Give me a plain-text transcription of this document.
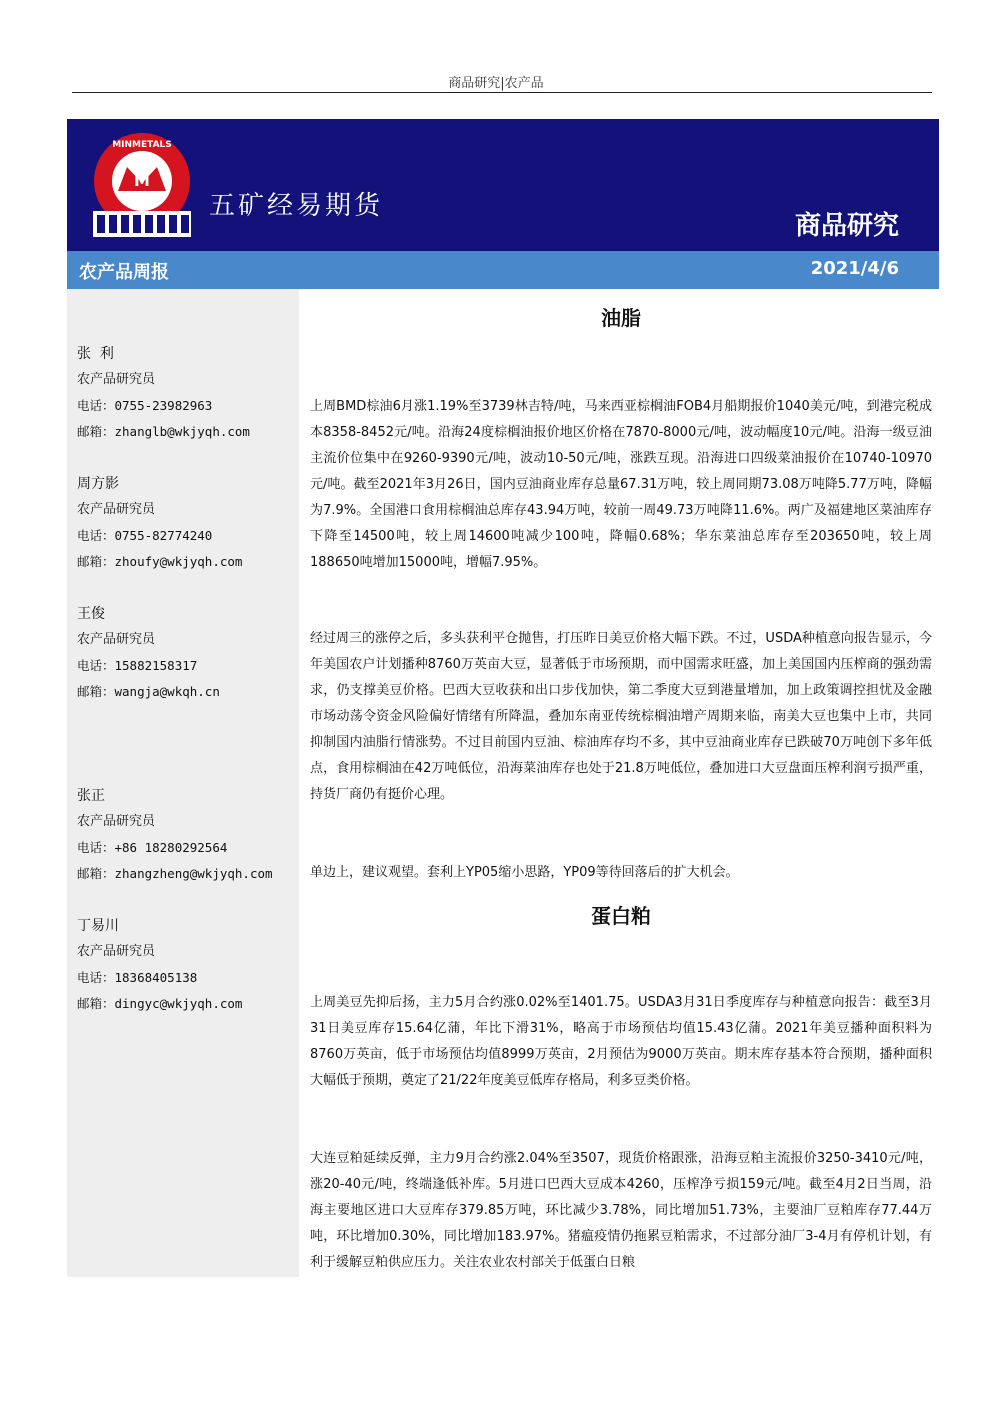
商品研究|农产品
M
MINMETALS
五矿经易期货
商品研究
农产品周报	2021/4/6
张  利
农产品研究员
电话：0755-23982963
邮箱：zhanglb@wkjyqh.com
周方影
农产品研究员
电话：0755-82774240
邮箱：zhoufy@wkjyqh.com
王俊
农产品研究员
电话：15882158317
邮箱：wangja@wkqh.cn
张正
农产品研究员
电话：+86 18280292564
邮箱：zhangzheng@wkjyqh.com
丁易川
农产品研究员
电话：18368405138
邮箱：dingyc@wkjyqh.com
油脂

上周BMD棕油6月涨1.19%至3739林吉特/吨，马来西亚棕榈油FOB4月船期报价1040美元/吨，到港完税成本8358-8452元/吨。沿海24度棕榈油报价地区价格在7870-8000元/吨，波动幅度10元/吨。沿海一级豆油主流价位集中在9260-9390元/吨，波动10-50元/吨，涨跌互现。沿海进口四级菜油报价在10740-10970元/吨。截至2021年3月26日，国内豆油商业库存总量67.31万吨，较上周同期73.08万吨降5.77万吨，降幅为7.9%。全国港口食用棕榈油总库存43.94万吨，较前一周49.73万吨降11.6%。两广及福建地区菜油库存下降至14500吨，较上周14600吨减少100吨，降幅0.68%；华东菜油总库存至203650吨，较上周188650吨增加15000吨，增幅7.95%。

经过周三的涨停之后，多头获利平仓抛售，打压昨日美豆价格大幅下跌。不过，USDA种植意向报告显示，今年美国农户计划播种8760万英亩大豆，显著低于市场预期，而中国需求旺盛，加上美国国内压榨商的强劲需求，仍支撑美豆价格。巴西大豆收获和出口步伐加快，第二季度大豆到港量增加，加上政策调控担忧及金融市场动荡令资金风险偏好情绪有所降温，叠加东南亚传统棕榈油增产周期来临，南美大豆也集中上市，共同抑制国内油脂行情涨势。不过目前国内豆油、棕油库存均不多，其中豆油商业库存已跌破70万吨创下多年低点，食用棕榈油在42万吨低位，沿海菜油库存也处于21.8万吨低位，叠加进口大豆盘面压榨利润亏损严重，持货厂商仍有挺价心理。

单边上，建议观望。套利上YP05缩小思路，YP09等待回落后的扩大机会。

蛋白粕

上周美豆先抑后扬，主力5月合约涨0.02%至1401.75。USDA3月31日季度库存与种植意向报告：截至3月31日美豆库存15.64亿蒲，年比下滑31%，略高于市场预估均值15.43亿蒲。2021年美豆播种面积料为8760万英亩，低于市场预估均值8999万英亩，2月预估为9000万英亩。期末库存基本符合预期，播种面积大幅低于预期，奠定了21/22年度美豆低库存格局，利多豆类价格。

大连豆粕延续反弹，主力9月合约涨2.04%至3507，现货价格跟涨，沿海豆粕主流报价3250-3410元/吨，涨20-40元/吨，终端逢低补库。5月进口巴西大豆成本4260，压榨净亏损159元/吨。截至4月2日当周，沿海主要地区进口大豆库存379.85万吨，环比减少3.78%，同比增加51.73%，主要油厂豆粕库存77.44万吨，环比增加0.30%，同比增加183.97%。猪瘟疫情仍拖累豆粕需求，不过部分油厂3-4月有停机计划，有利于缓解豆粕供应压力。关注农业农村部关于低蛋白日粮
